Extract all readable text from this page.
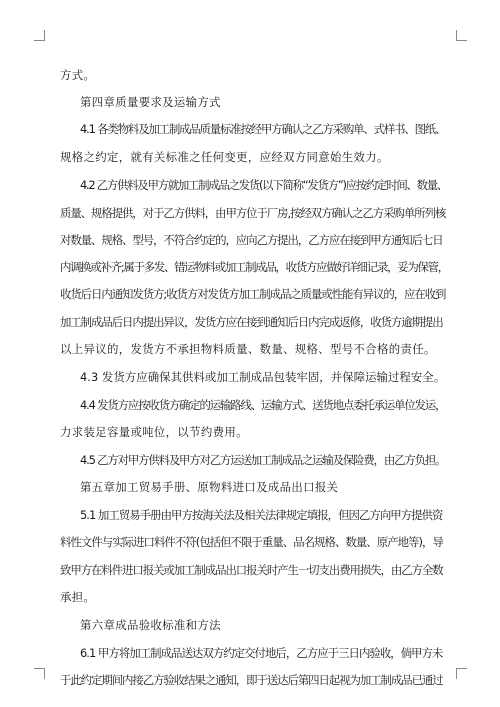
方式。
第四章质量要求及运输方式
4.1 各类物料及加工制成品质量标准按经甲方确认之乙方采购单、式样书、图纸、
规格之约定，就有关标准之任何变更，应经双方同意始生效力。
4.2 乙方供料及甲方就加工制成品之发货(以下简称“发货方”)应按约定时间、数量、
质量、规格提供，对于乙方供料，由甲方位于厂房,按经双方确认之乙方采购单所列核
对数量、规格、型号，不符合约定的，应向乙方提出，乙方应在接到甲方通知后七日
内调换或补齐;属于多发、错运物料或加工制成品，收货方应做好详细记录，妥为保管，
收货后日内通知发货方;收货方对发货方加工制成品之质量或性能有异议的，应在收到
加工制成品后日内提出异议，发货方应在接到通知后日内完成返修，收货方逾期提出
以上异议的，发货方不承担物料质量、数量、规格、型号不合格的责任。
4.3 发货方应确保其供料或加工制成品包装牢固，并保障运输过程安全。
4.4 发货方应按收货方确定的运输路线、运输方式、送货地点委托承运单位发运，
力求装足容量或吨位，以节约费用。
4.5 乙方对甲方供料及甲方对乙方运送加工制成品之运输及保险费，由乙方负担。
第五章加工贸易手册、原物料进口及成品出口报关
5.1 加工贸易手册由甲方按海关法及相关法律规定填报，但因乙方向甲方提供资
料性文件与实际进口料件不符(包括但不限于重量、品名规格、数量、原产地等)，导
致甲方在料件进口报关或加工制成品出口报关时产生一切支出费用损失，由乙方全数
承担。
第六章成品验收标准和方法
6.1 甲方将加工制成品送达双方约定交付地后，乙方应于三日内验收，倘甲方未
于此约定期间内接乙方验收结果之通知，即于送达后第四日起视为加工制成品已通过
